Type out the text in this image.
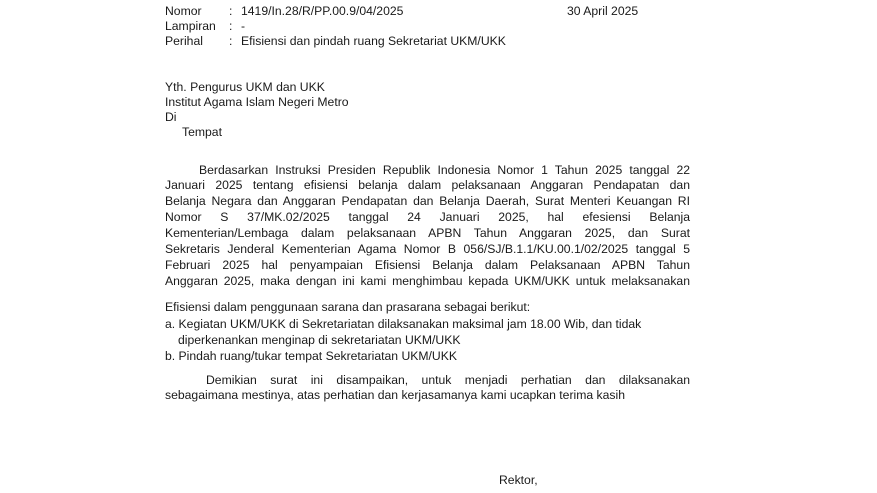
Nomor : 1419/In.28/R/PP.00.9/04/2025	30 April 2025
Lampiran : -
Perihal : Efisiensi dan pindah ruang Sekretariat UKM/UKK
Yth. Pengurus UKM dan UKK
Institut Agama Islam Negeri Metro
Di
Tempat
Berdasarkan Instruksi Presiden Republik Indonesia Nomor 1 Tahun 2025 tanggal 22
Januari 2025 tentang efisiensi belanja dalam pelaksanaan Anggaran Pendapatan dan
Belanja Negara dan Anggaran Pendapatan dan Belanja Daerah, Surat Menteri Keuangan RI
Nomor S 37/MK.02/2025 tanggal 24 Januari 2025, hal efesiensi Belanja
Kementerian/Lembaga dalam pelaksanaan APBN Tahun Anggaran 2025, dan Surat
Sekretaris Jenderal Kementerian Agama Nomor B 056/SJ/B.1.1/KU.00.1/02/2025 tanggal 5
Februari 2025 hal penyampaian Efisiensi Belanja dalam Pelaksanaan APBN Tahun
Anggaran 2025, maka dengan ini kami menghimbau kepada UKM/UKK untuk melaksanakan
Efisiensi dalam penggunaan sarana dan prasarana sebagai berikut:
a. Kegiatan UKM/UKK di Sekretariatan dilaksanakan maksimal jam 18.00 Wib, dan tidak
diperkenankan menginap di sekretariatan UKM/UKK
b. Pindah ruang/tukar tempat Sekretariatan UKM/UKK
Demikian surat ini disampaikan, untuk menjadi perhatian dan dilaksanakan
sebagaimana mestinya, atas perhatian dan kerjasamanya kami ucapkan terima kasih
Rektor,
